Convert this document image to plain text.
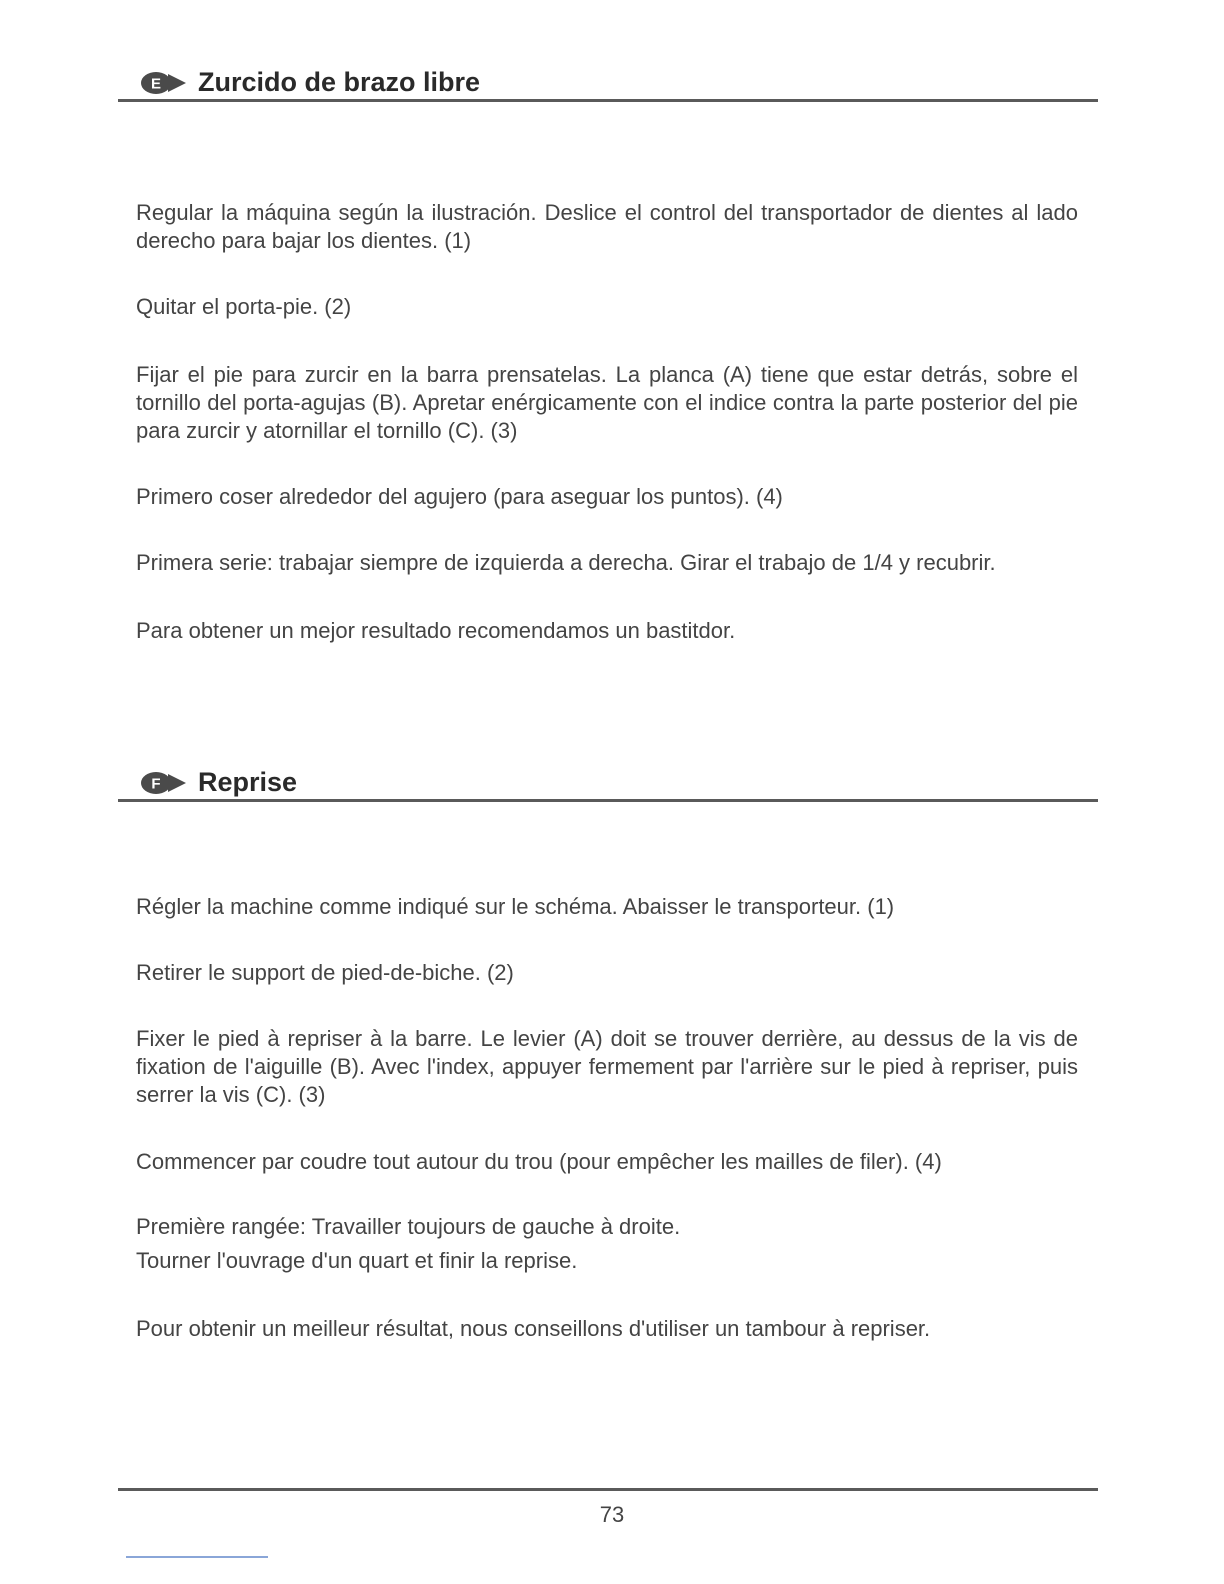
E Zurcido de brazo libre
Regular la máquina según la ilustración. Deslice el control del transportador de dientes al lado derecho para bajar los dientes. (1)
Quitar el porta-pie. (2)
Fijar el pie para zurcir en la barra prensatelas. La planca (A) tiene que estar detrás, sobre el tornillo del porta-agujas (B). Apretar enérgicamente con el indice contra la parte posterior del pie para zurcir y atornillar el tornillo (C). (3)
Primero coser alrededor del agujero (para aseguar los puntos). (4)
Primera serie: trabajar siempre de izquierda a derecha. Girar el trabajo de 1/4 y recubrir.
Para obtener un mejor resultado recomendamos un bastitdor.
F Reprise
Régler la machine comme indiqué sur le schéma. Abaisser le transporteur. (1)
Retirer le support de pied-de-biche. (2)
Fixer le pied à repriser à la barre. Le levier (A) doit se trouver derrière, au dessus de la vis de fixation de l'aiguille (B). Avec l'index, appuyer fermement par l'arrière sur le pied à repriser, puis serrer la vis (C). (3)
Commencer par coudre tout autour du trou (pour empêcher les mailles de filer). (4)
Première rangée: Travailler toujours de gauche à droite.
Tourner l'ouvrage d'un quart et finir la reprise.
Pour obtenir un meilleur résultat, nous conseillons d'utiliser un tambour à repriser.
73
